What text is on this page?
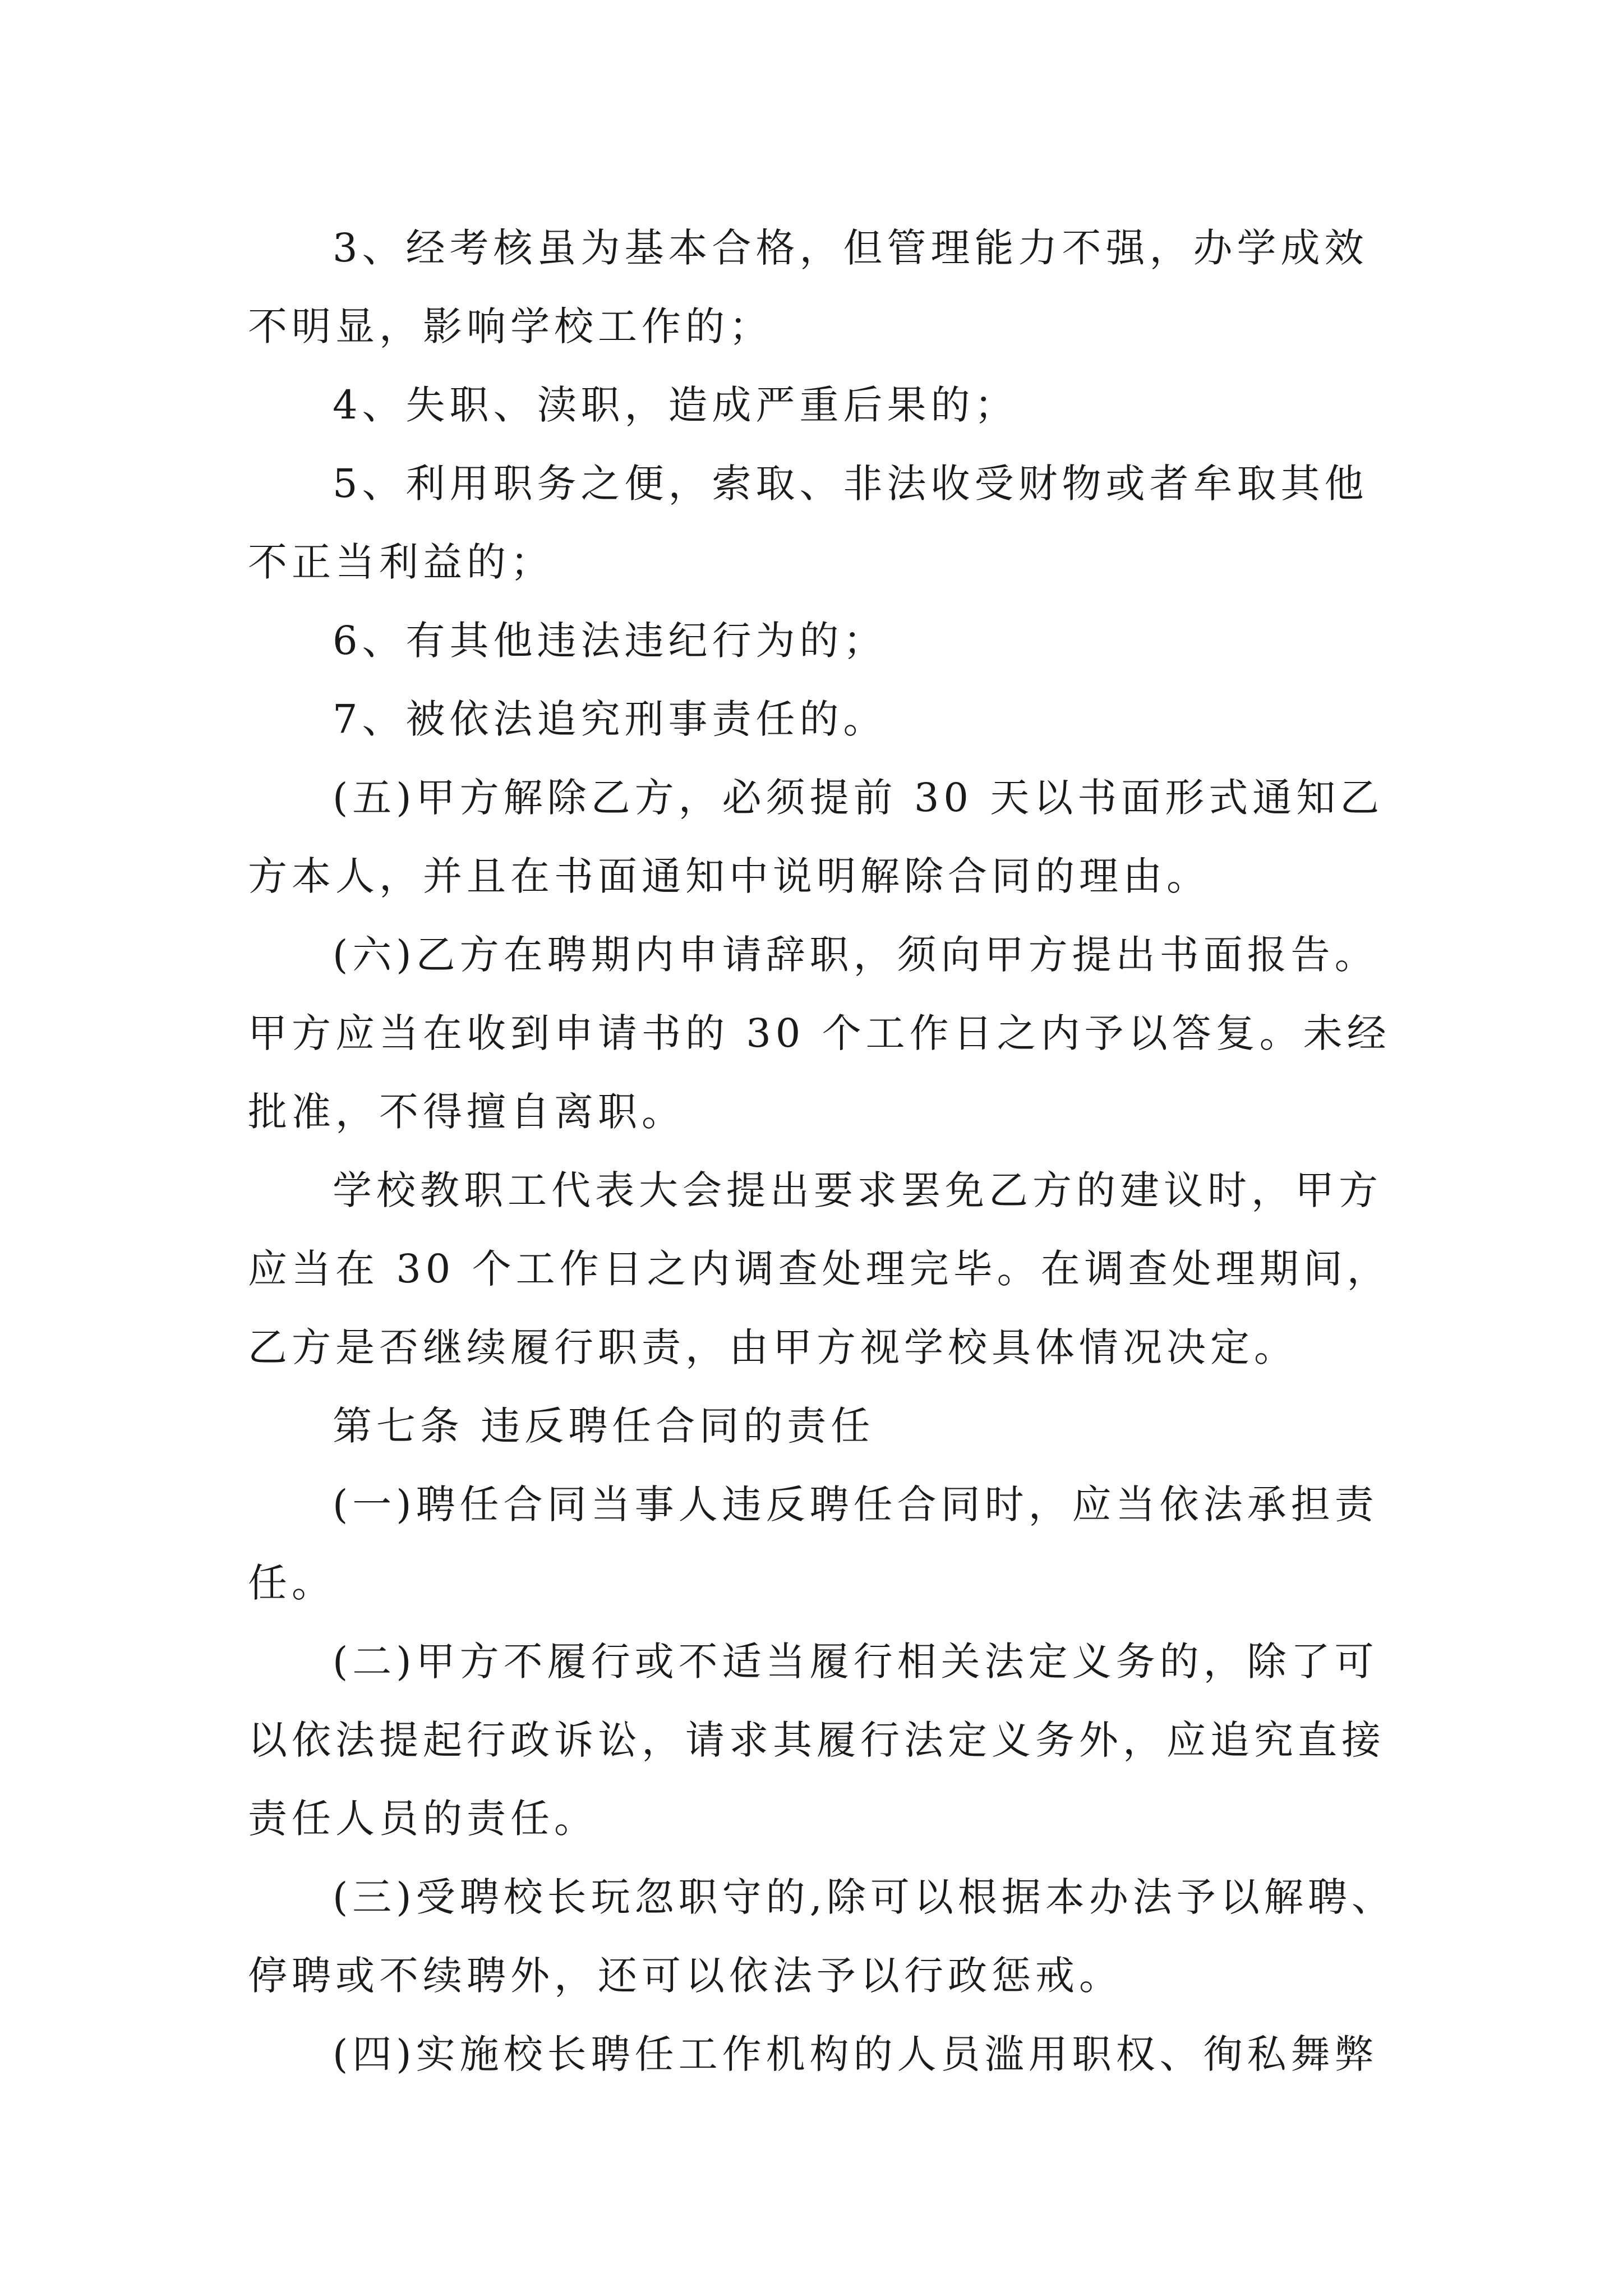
3、经考核虽为基本合格，但管理能力不强，办学成效
不明显，影响学校工作的；
4、失职、渎职，造成严重后果的；
5、利用职务之便，索取、非法收受财物或者牟取其他
不正当利益的；
6、有其他违法违纪行为的；
7、被依法追究刑事责任的。
(五)甲方解除乙方，必须提前 30 天以书面形式通知乙
方本人，并且在书面通知中说明解除合同的理由。
(六)乙方在聘期内申请辞职，须向甲方提出书面报告。
甲方应当在收到申请书的 30 个工作日之内予以答复。未经
批准，不得擅自离职。
学校教职工代表大会提出要求罢免乙方的建议时，甲方
应当在 30 个工作日之内调查处理完毕。在调查处理期间，
乙方是否继续履行职责，由甲方视学校具体情况决定。
第七条 违反聘任合同的责任
(一)聘任合同当事人违反聘任合同时，应当依法承担责
任。
(二)甲方不履行或不适当履行相关法定义务的，除了可
以依法提起行政诉讼，请求其履行法定义务外，应追究直接
责任人员的责任。
(三)受聘校长玩忽职守的,除可以根据本办法予以解聘、
停聘或不续聘外，还可以依法予以行政惩戒。
(四)实施校长聘任工作机构的人员滥用职权、徇私舞弊
